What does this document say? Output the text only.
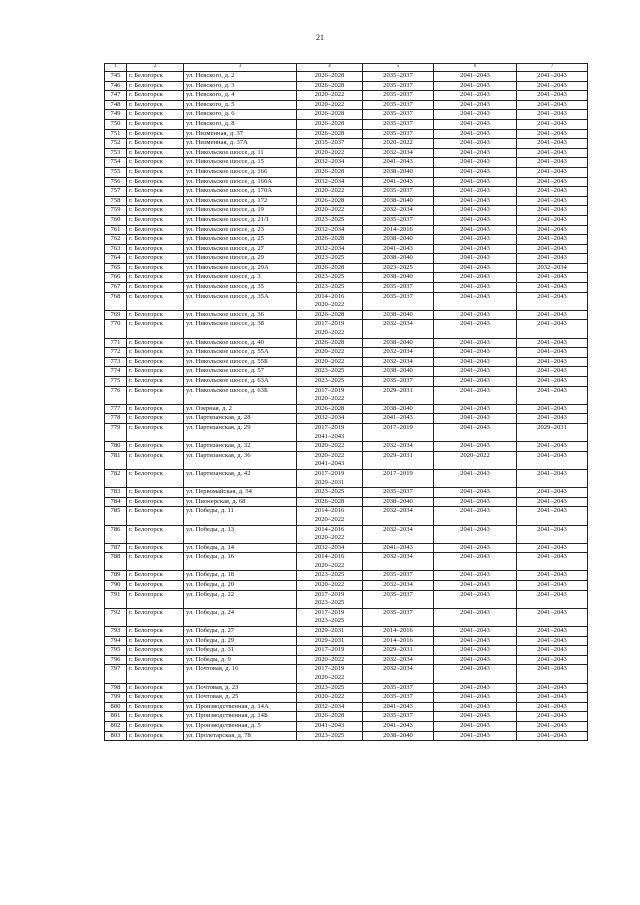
21
1	2	3	4	5	6	7
745	г. Белогорск	ул. Невского, д. 2	2026–2028	2035–2037	2041–2043	2041–2043
746	г. Белогорск	ул. Невского, д. 3	2026–2028	2035–2037	2041–2043	2041–2043
747	г. Белогорск	ул. Невского, д. 4	2020–2022	2035–2037	2041–2043	2041–2043
748	г. Белогорск	ул. Невского, д. 5	2020–2022	2035–2037	2041–2043	2041–2043
749	г. Белогорск	ул. Невского, д. 6	2026–2028	2035–2037	2041–2043	2041–2043
750	г. Белогорск	ул. Невского, д. 8	2026–2028	2035–2037	2041–2043	2041–2043
751	г. Белогорск	ул. Низменная, д. 37	2026–2028	2035–2037	2041–2043	2041–2043
752	г. Белогорск	ул. Низменная, д. 37А	2035–2037	2020–2022	2041–2043	2041–2043
753	г. Белогорск	ул. Никольское шоссе, д. 11	2020–2022	2032–2034	2041–2043	2041–2043
754	г. Белогорск	ул. Никольское шоссе, д. 15	2032–2034	2041–2043	2041–2043	2041–2043
755	г. Белогорск	ул. Никольское шоссе, д. 166	2026–2028	2038–2040	2041–2043	2041–2043
756	г. Белогорск	ул. Никольское шоссе, д. 166А	2032–2034	2041–2043	2041–2043	2041–2043
757	г. Белогорск	ул. Никольское шоссе, д. 170А	2020–2022	2035–2037	2041–2043	2041–2043
758	г. Белогорск	ул. Никольское шоссе, д. 172	2026–2028	2038–2040	2041–2043	2041–2043
759	г. Белогорск	ул. Никольское шоссе, д. 19	2020–2022	2032–2034	2041–2043	2041–2043
760	г. Белогорск	ул. Никольское шоссе, д. 21/1	2023–2025	2035–2037	2041–2043	2041–2043
761	г. Белогорск	ул. Никольское шоссе, д. 23	2032–2034	2014–2016	2041–2043	2041–2043
762	г. Белогорск	ул. Никольское шоссе, д. 25	2026–2028	2038–2040	2041–2043	2041–2043
763	г. Белогорск	ул. Никольское шоссе, д. 27	2032–2034	2041–2043	2041–2043	2041–2043
764	г. Белогорск	ул. Никольское шоссе, д. 29	2023–2025	2038–2040	2041–2043	2041–2043
765	г. Белогорск	ул. Никольское шоссе, д. 29А	2026–2028	2023–2025	2041–2043	2032–2034
766	г. Белогорск	ул. Никольское шоссе, д. 3	2023–2025	2038–2040	2041–2043	2041–2043
767	г. Белогорск	ул. Никольское шоссе, д. 35	2023–2025	2035–2037	2041–2043	2041–2043
768	г. Белогорск	ул. Никольское шоссе, д. 35А	2014–2016
2020–2022	2035–2037	2041–2043	2041–2043
769	г. Белогорск	ул. Никольское шоссе, д. 36	2026–2028	2038–2040	2041–2043	2041–2043
770	г. Белогорск	ул. Никольское шоссе, д. 38	2017–2019
2020–2022	2032–2034	2041–2043	2041–2043
771	г. Белогорск	ул. Никольское шоссе, д. 40	2026–2028	2038–2040	2041–2043	2041–2043
772	г. Белогорск	ул. Никольское шоссе, д. 55А	2020–2022	2032–2034	2041–2043	2041–2043
773	г. Белогорск	ул. Никольское шоссе, д. 55Б	2020–2022	2032–2034	2041–2043	2041–2043
774	г. Белогорск	ул. Никольское шоссе, д. 57	2023–2025	2038–2040	2041–2043	2041–2043
775	г. Белогорск	ул. Никольское шоссе, д. 63А	2023–2025	2035–2037	2041–2043	2041–2043
776	г. Белогорск	ул. Никольское шоссе, д. 63Б	2017–2019
2020–2022	2029–2031	2041–2043	2041–2043
777	г. Белогорск	ул. Озерная, д. 2	2026–2028	2038–2040	2041–2043	2041–2043
778	г. Белогорск	ул. Партизанская, д. 28	2032–2034	2041–2043	2041–2043	2041–2043
779	г. Белогорск	ул. Партизанская, д. 29	2017–2019
2041–2043	2017–2019	2041–2043	2029–2031
780	г. Белогорск	ул. Партизанская, д. 32	2020–2022	2032–2034	2041–2043	2041–2043
781	г. Белогорск	ул. Партизанская, д. 36	2020–2022
2041–2043	2029–2031	2020–2022	2041–2043
782	г. Белогорск	ул. Партизанская, д. 42	2017–2019
2029–2031	2017–2019	2041–2043	2041–2043
783	г. Белогорск	ул. Первомайская, д. 34	2023–2025	2035–2037	2041–2043	2041–2043
784	г. Белогорск	ул. Пионерская, д. 68	2026–2028	2038–2040	2041–2043	2041–2043
785	г. Белогорск	ул. Победы, д. 11	2014–2016
2020–2022	2032–2034	2041–2043	2041–2043
786	г. Белогорск	ул. Победы, д. 13	2014–2016
2020–2022	2032–2034	2041–2043	2041–2043
787	г. Белогорск	ул. Победы, д. 14	2032–2034	2041–2043	2041–2043	2041–2043
788	г. Белогорск	ул. Победы, д. 16	2014–2016
2020–2022	2032–2034	2041–2043	2041–2043
789	г. Белогорск	ул. Победы, д. 18	2023–2025	2035–2037	2041–2043	2041–2043
790	г. Белогорск	ул. Победы, д. 20	2020–2022	2032–2034	2041–2043	2041–2043
791	г. Белогорск	ул. Победы, д. 22	2017–2019
2023–2025	2035–2037	2041–2043	2041–2043
792	г. Белогорск	ул. Победы, д. 24	2017–2019
2023–2025	2035–2037	2041–2043	2041–2043
793	г. Белогорск	ул. Победы, д. 27	2029–2031	2014–2016	2041–2043	2041–2043
794	г. Белогорск	ул. Победы, д. 29	2029–2031	2014–2016	2041–2043	2041–2043
795	г. Белогорск	ул. Победы, д. 31	2017–2019	2029–2031	2041–2043	2041–2043
796	г. Белогорск	ул. Победы, д. 9	2020–2022	2032–2034	2041–2043	2041–2043
797	г. Белогорск	ул. Почтовая, д. 16	2017–2019
2020–2022	2032–2034	2041–2043	2041–2043
798	г. Белогорск	ул. Почтовая, д. 23	2023–2025	2035–2037	2041–2043	2041–2043
799	г. Белогорск	ул. Почтовая, д. 25	2020–2022	2035–2037	2041–2043	2041–2043
800	г. Белогорск	ул. Производственная, д. 14А	2032–2034	2041–2043	2041–2043	2041–2043
801	г. Белогорск	ул. Производственная, д. 14Б	2026–2028	2035–2037	2041–2043	2041–2043
802	г. Белогорск	ул. Производственная, д. 5	2041–2043	2041–2043	2041–2043	2041–2043
803	г. Белогорск	ул. Пролетарская, д. 78	2023–2025	2038–2040	2041–2043	2041–2043
